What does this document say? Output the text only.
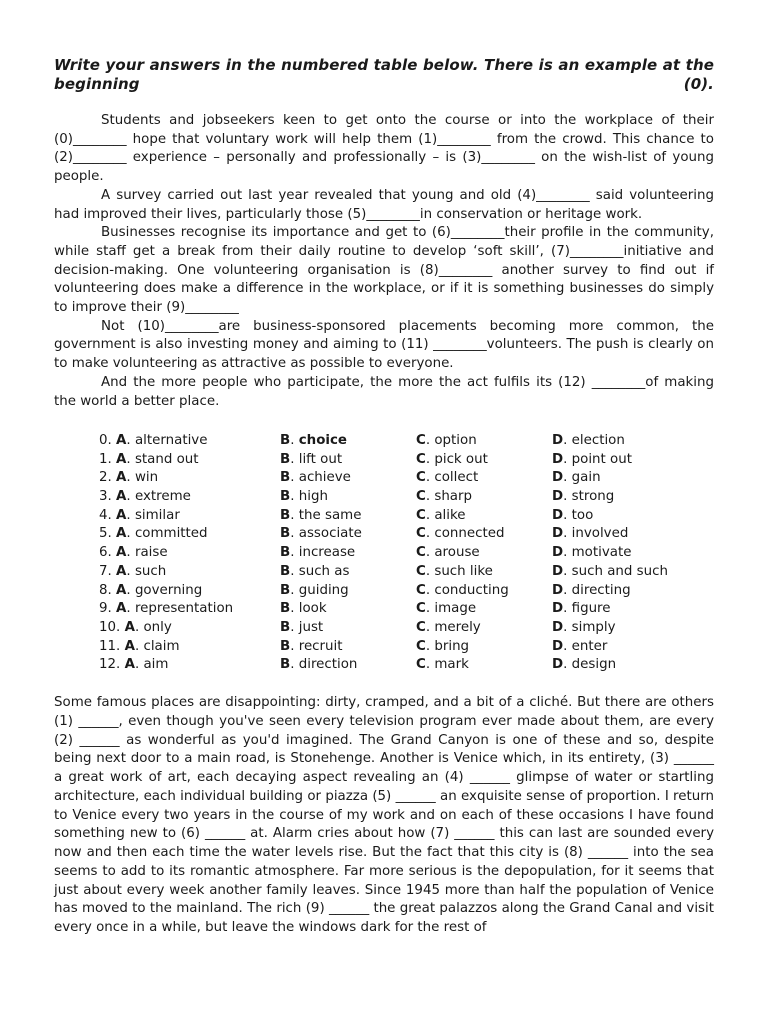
Write your answers in the numbered table below. There is an example at the beginning (0).

Students and jobseekers keen to get onto the course or into the workplace of their (0)________ hope that voluntary work will help them (1)________ from the crowd. This chance to (2)________ experience – personally and professionally – is (3)________ on the wish-list of young people.

A survey carried out last year revealed that young and old (4)________ said volunteering had improved their lives, particularly those (5)________in conservation or heritage work.

Businesses recognise its importance and get to (6)________their profile in the community, while staff get a break from their daily routine to develop ‘soft skill’, (7)________initiative and decision-making. One volunteering organisation is (8)________ another survey to find out if volunteering does make a difference in the workplace, or if it is something businesses do simply to improve their (9)________

Not (10)________are business-sponsored placements becoming more common, the government is also investing money and aiming to (11) ________volunteers. The push is clearly on to make volunteering as attractive as possible to everyone.

And the more people who participate, the more the act fulfils its (12) ________of making the world a better place.

0. A. alternative	B. choice	C. option	D. election
1. A. stand out	B. lift out	C. pick out	D. point out
2. A. win	B. achieve	C. collect	D. gain
3. A. extreme	B. high	C. sharp	D. strong
4. A. similar	B. the same	C. alike	D. too
5. A. committed	B. associate	C. connected	D. involved
6. A. raise	B. increase	C. arouse	D. motivate
7. A. such	B. such as	C. such like	D. such and such
8. A. governing	B. guiding	C. conducting	D. directing
9. A. representation	B. look	C. image	D. figure
10. A. only	B. just	C. merely	D. simply
11. A. claim	B. recruit	C. bring	D. enter
12. A. aim	B. direction	C. mark	D. design

Some famous places are disappointing: dirty, cramped, and a bit of a cliché. But there are others (1) ______, even though you've seen every television program ever made about them, are every (2) ______ as wonderful as you'd imagined. The Grand Canyon is one of these and so, despite being next door to a main road, is Stonehenge. Another is Venice which, in its entirety, (3) ______ a great work of art, each decaying aspect revealing an (4) ______ glimpse of water or startling architecture, each individual building or piazza (5) ______ an exquisite sense of proportion. I return to Venice every two years in the course of my work and on each of these occasions I have found something new to (6) ______ at. Alarm cries about how (7) ______ this can last are sounded every now and then each time the water levels rise. But the fact that this city is (8) ______ into the sea seems to add to its romantic atmosphere. Far more serious is the depopulation, for it seems that just about every week another family leaves. Since 1945 more than half the population of Venice has moved to the mainland. The rich (9) ______ the great palazzos along the Grand Canal and visit every once in a while, but leave the windows dark for the rest of
